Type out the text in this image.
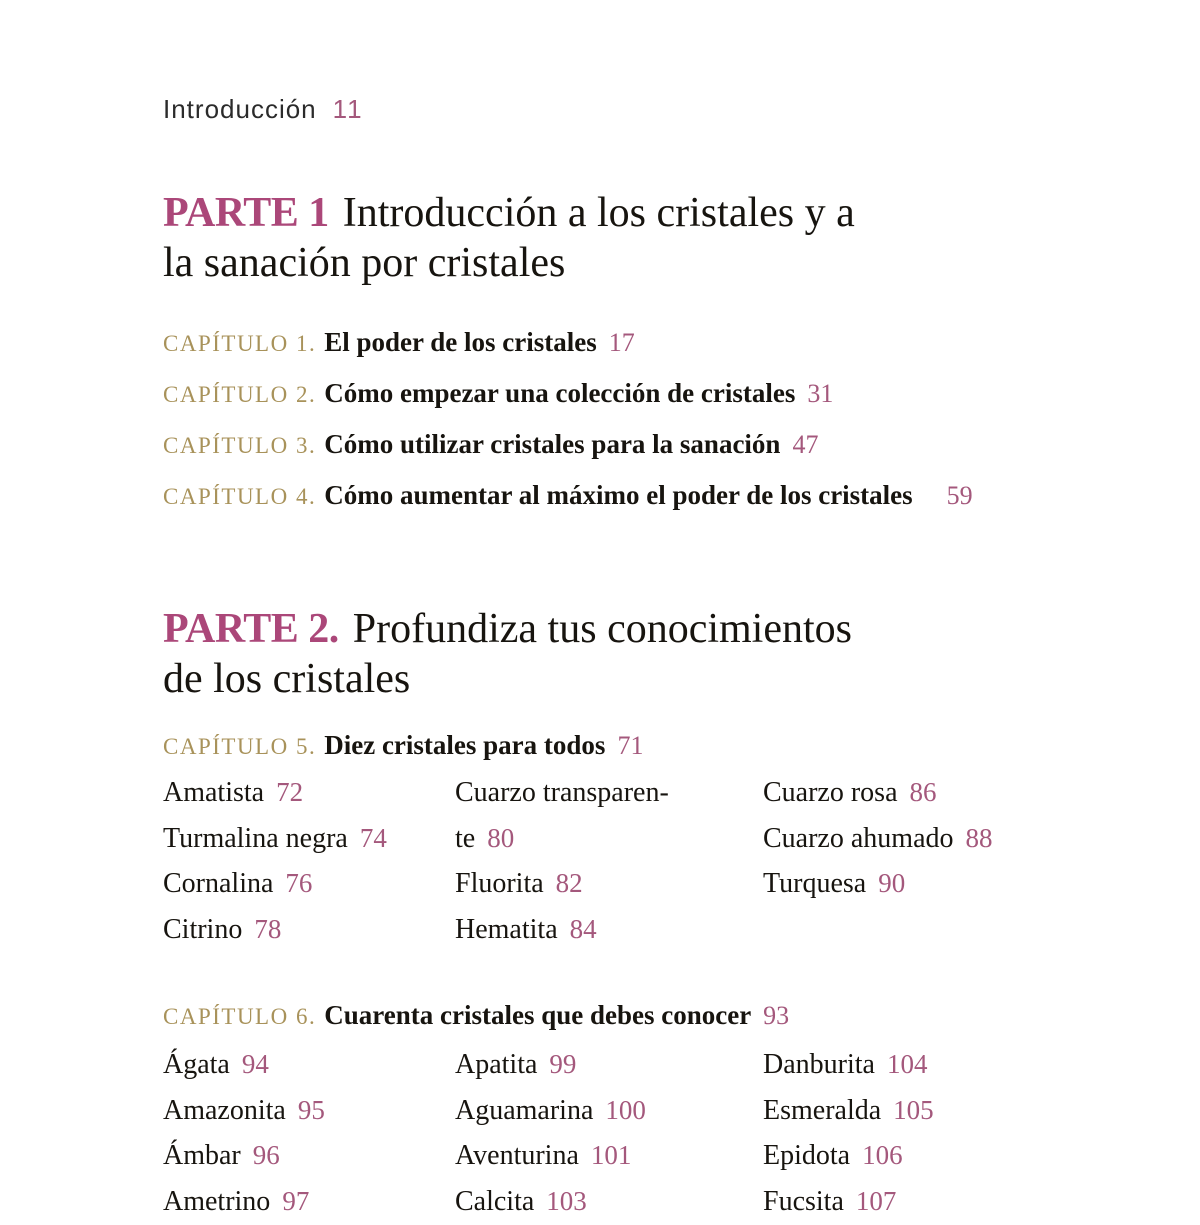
Introducción 11
PARTE 1 Introducción a los cristales y a
la sanación por cristales
CAPÍTULO 1. El poder de los cristales 17
CAPÍTULO 2. Cómo empezar una colección de cristales 31
CAPÍTULO 3. Cómo utilizar cristales para la sanación 47
CAPÍTULO 4. Cómo aumentar al máximo el poder de los cristales 59
PARTE 2. Profundiza tus conocimientos
de los cristales
CAPÍTULO 5. Diez cristales para todos 71
Amatista 72
Turmalina negra 74
Cornalina 76
Citrino 78
Cuarzo transparen-
te 80
Fluorita 82
Hematita 84
Cuarzo rosa 86
Cuarzo ahumado 88
Turquesa 90
CAPÍTULO 6. Cuarenta cristales que debes conocer 93
Ágata 94
Amazonita 95
Ámbar 96
Ametrino 97
Apatita 99
Aguamarina 100
Aventurina 101
Calcita 103
Danburita 104
Esmeralda 105
Epidota 106
Fucsita 107
